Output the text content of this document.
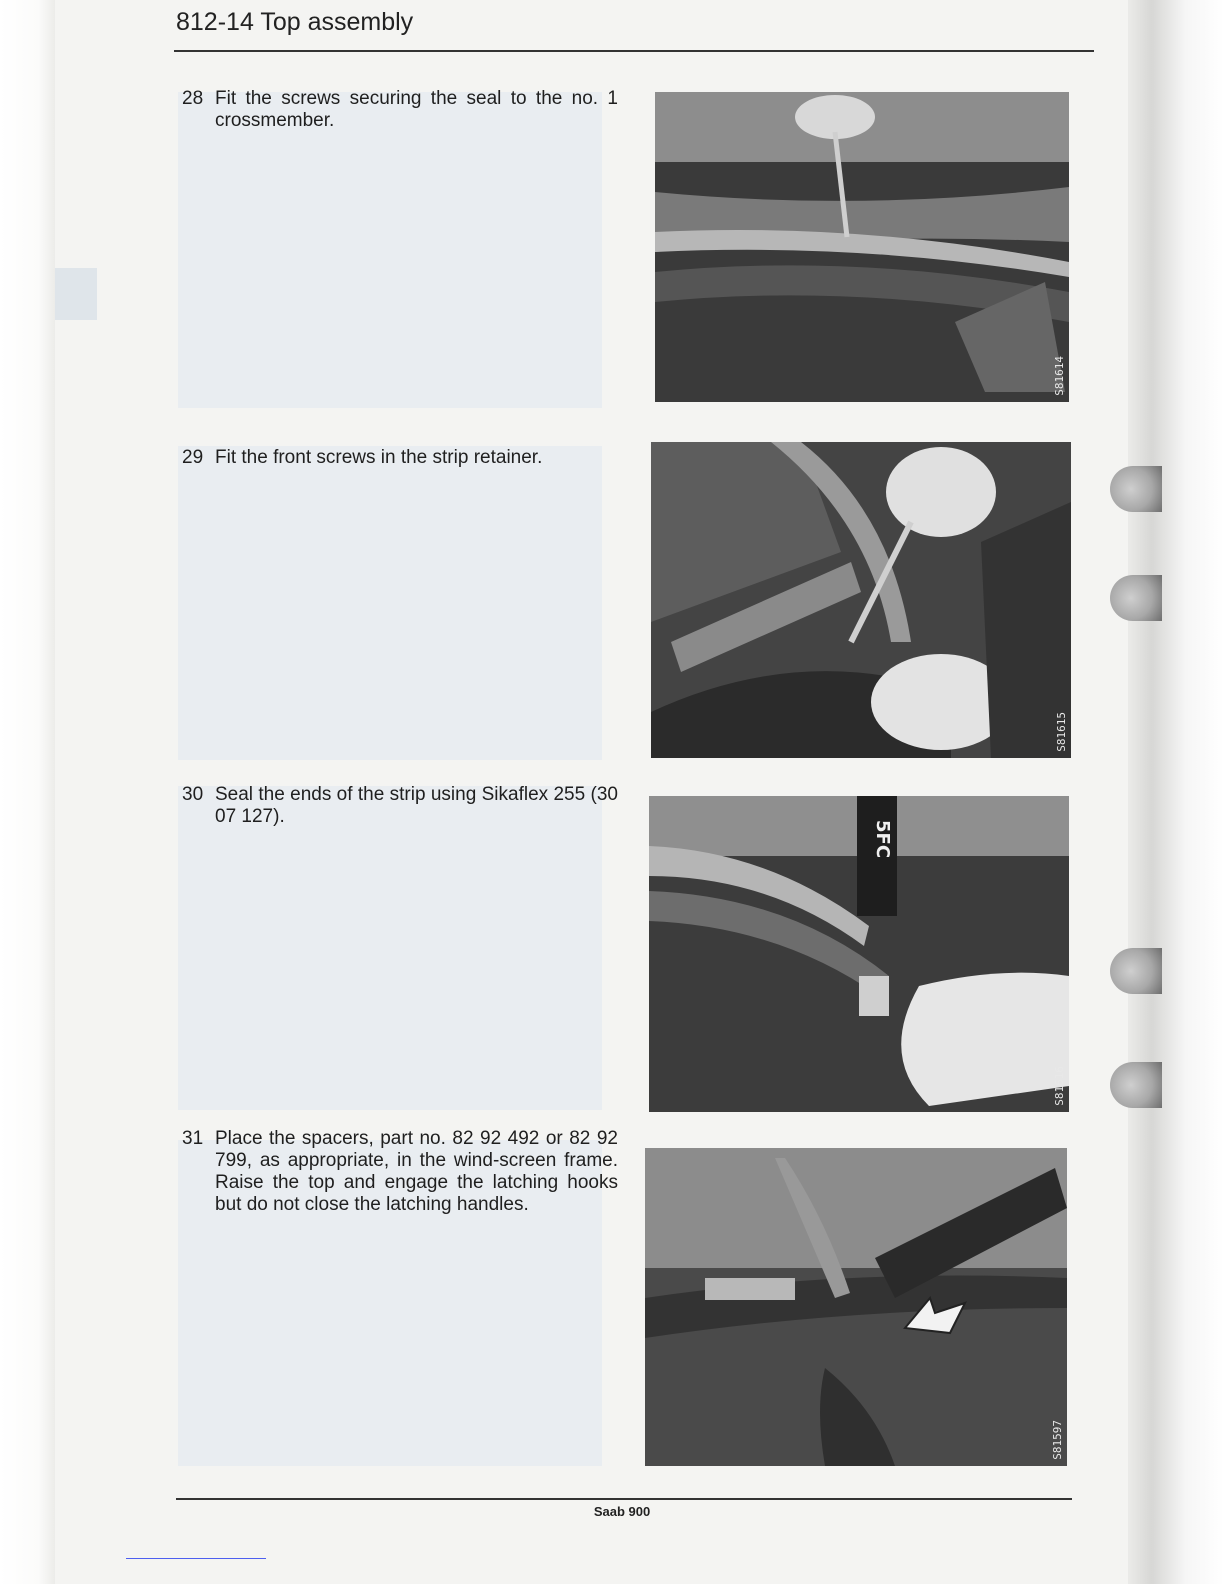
812-14 Top assembly
28 Fit the screws securing the seal to the no. 1 crossmember.
S81614
29 Fit the front screws in the strip retainer.
S81615
30 Seal the ends of the strip using Sikaflex 255 (30 07 127).
5FC
S81616
31 Place the spacers, part no. 82 92 492 or 82 92 799, as appropriate, in the wind-screen frame. Raise the top and engage the latching hooks but do not close the latching handles.
S81597
Saab 900
